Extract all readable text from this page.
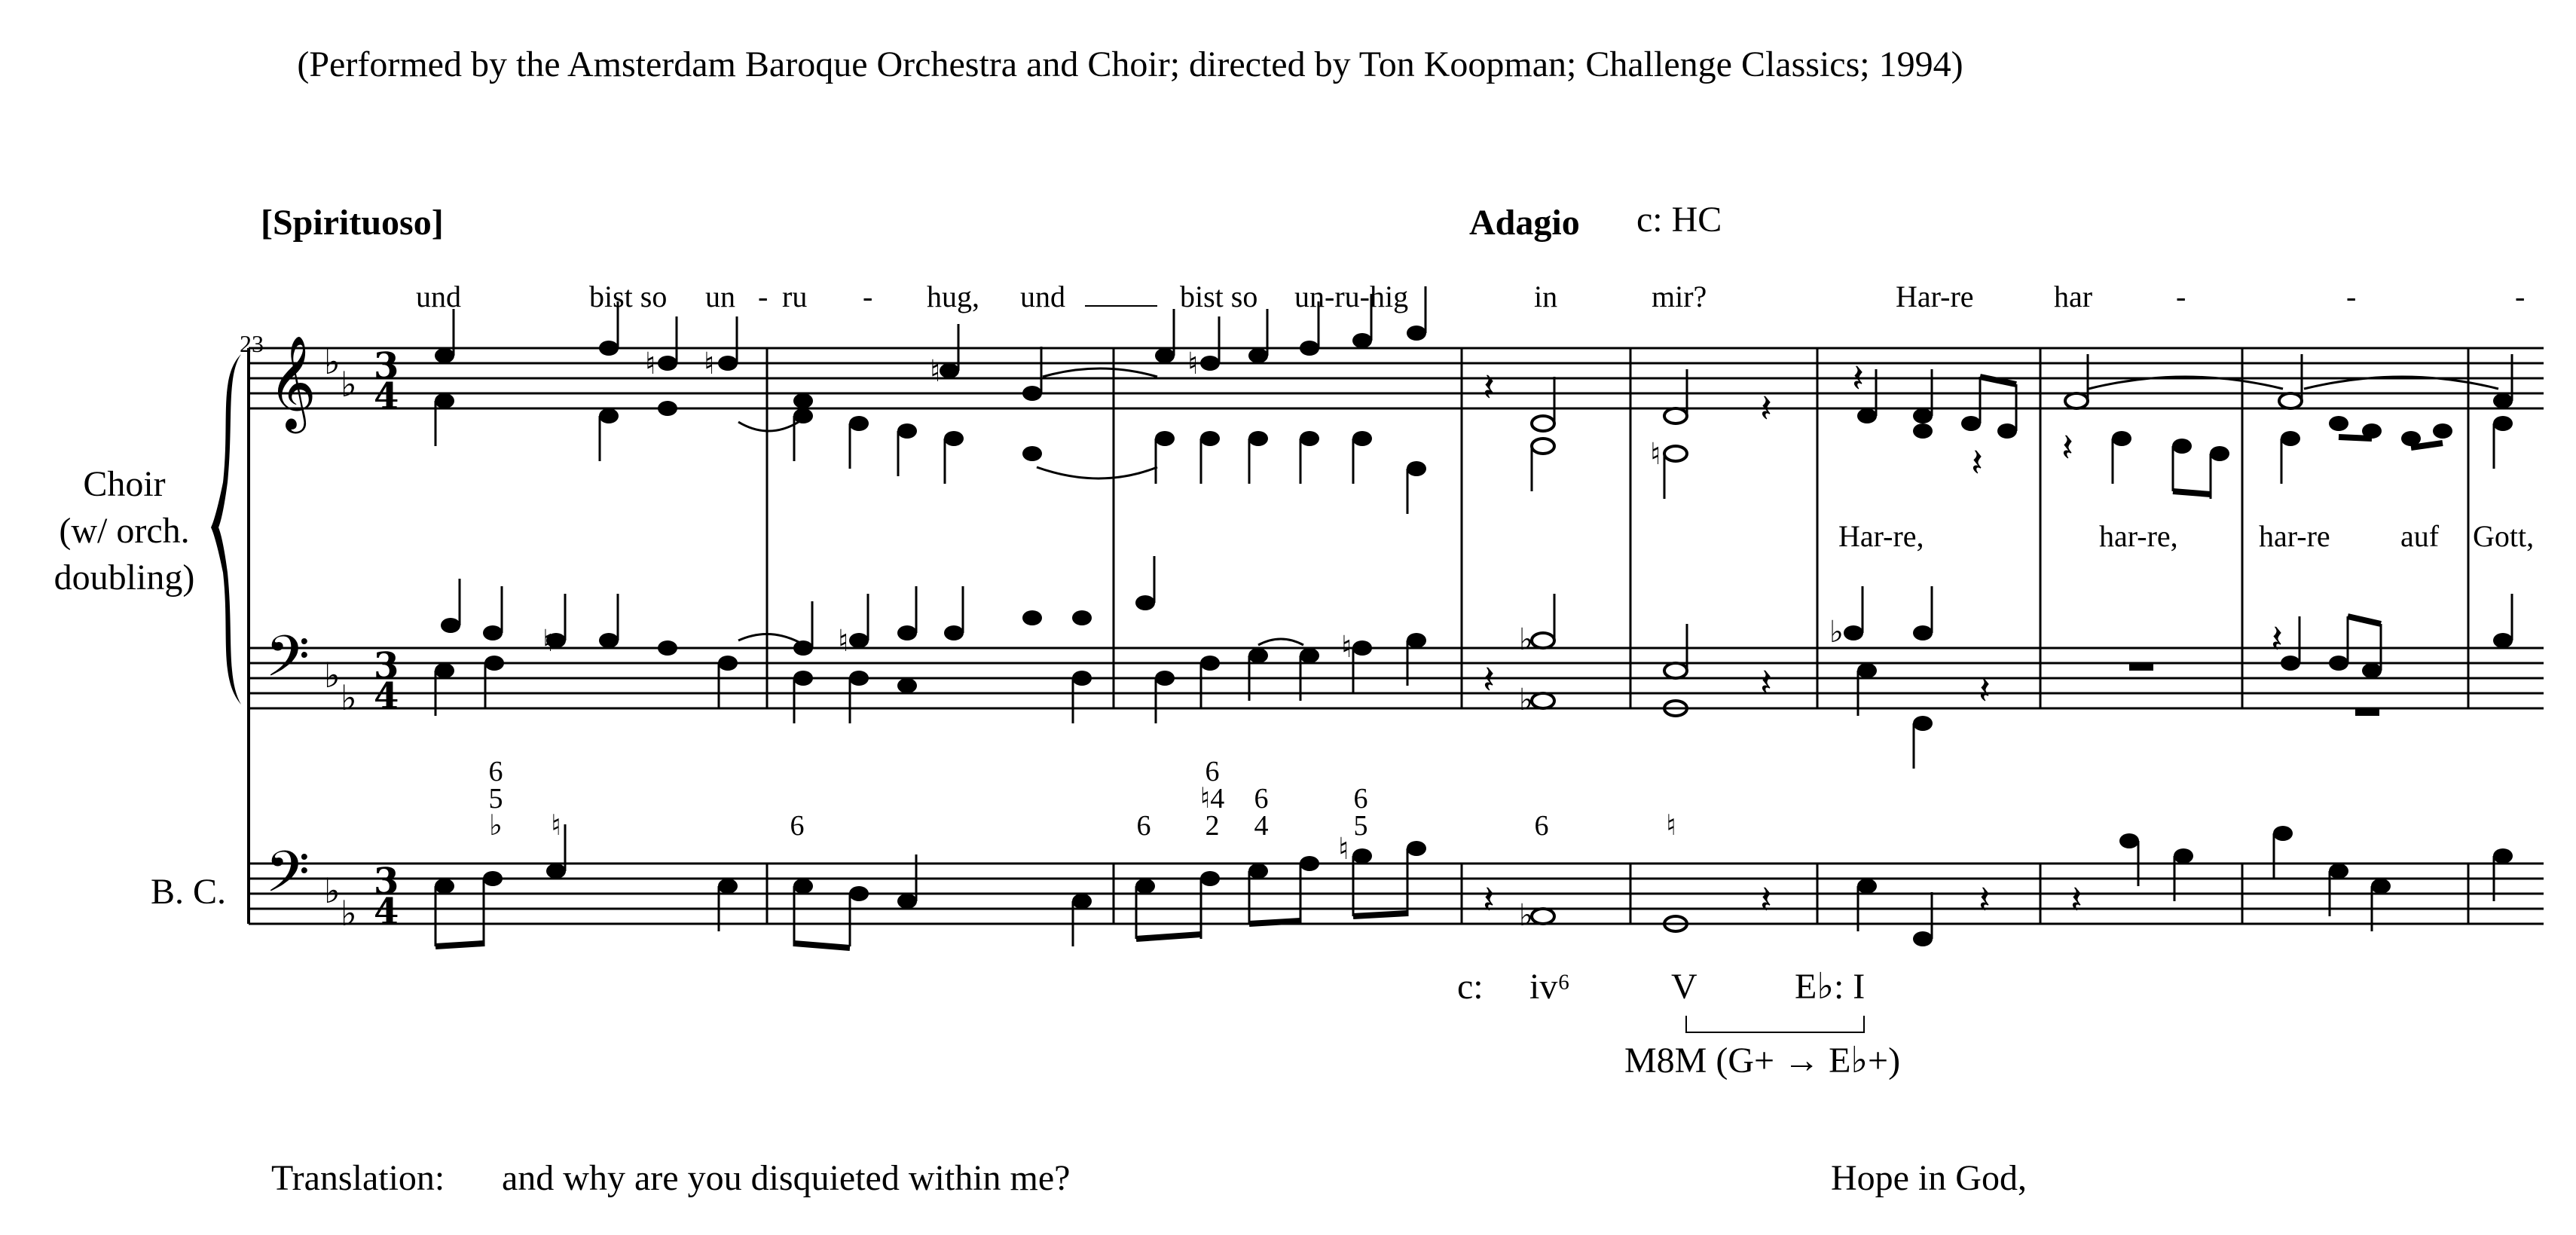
(Performed by the Amsterdam Baroque Orchestra and Choir; directed by Ton Koopman; Challenge Classics; 1994)
[Spirituoso]	Adagio c: HC
und	bist so un - ru - hug, und	bist so un-ru-hig	in	mir?	Har-re	har	-	-	-
Har-re,	har-re,	har-re auf Gott,
23
Choir
(w/ orch.
doubling)
B. C.
6
5
♭ ♮	6	6
6
♮4
2
6
4
6
5	6	♮
c: iv⁶	V	E♭: I
M8M (G+ → E♭+)
Translation: and why are you disquieted within me?	Hope in God,
𝄞
𝄢
𝄢
♭
♭
♭
♭
♭
♭
3
4
3
4
3
4
𝄽	𝄽
𝄽
𝄽 𝄽
𝄽	𝄽	𝄽
𝄽
𝄽	𝄽	𝄽 𝄽
♮ ♮	♮	♮
♮
♭
♭
♭
♮
♮	♮
♭
♮
